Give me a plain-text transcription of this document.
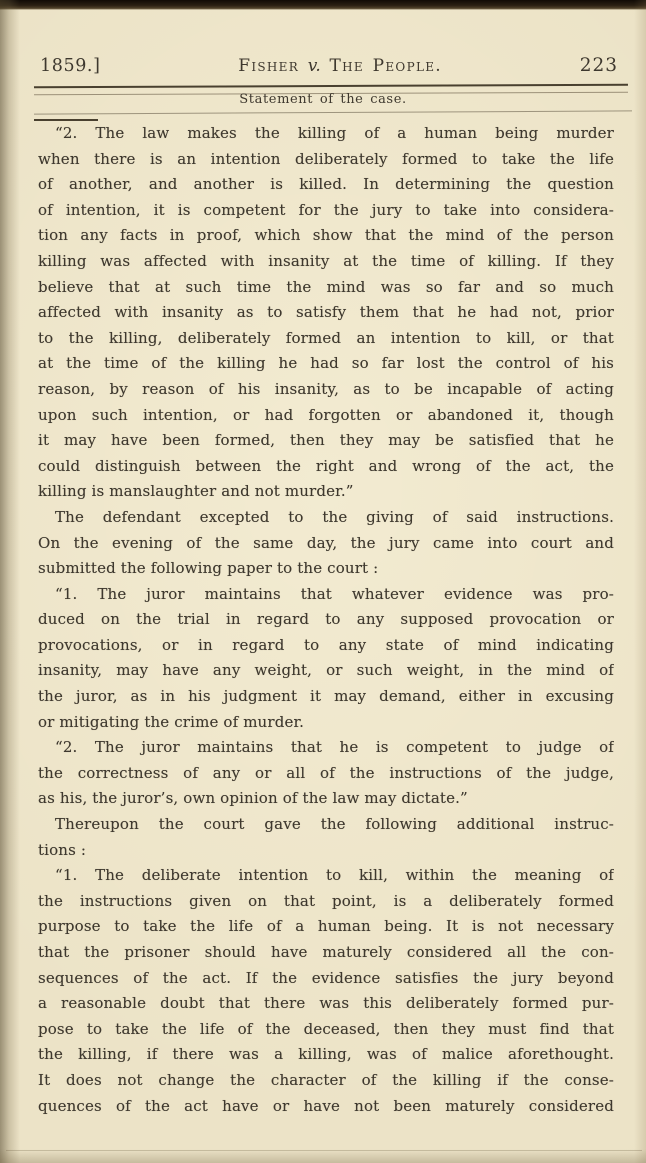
1859.]	Fisher v. The People.	223
Statement of the case.
“2. The law makes the killing of a human being murder
when there is an intention deliberately formed to take the life
of another, and another is killed. In determining the question
of intention, it is competent for the jury to take into considera-
tion any facts in proof, which show that the mind of the person
killing was affected with insanity at the time of killing. If they
believe that at such time the mind was so far and so much
affected with insanity as to satisfy them that he had not, prior
to the killing, deliberately formed an intention to kill, or that
at the time of the killing he had so far lost the control of his
reason, by reason of his insanity, as to be incapable of acting
upon such intention, or had forgotten or abandoned it, though
it may have been formed, then they may be satisfied that he
could distinguish between the right and wrong of the act, the
killing is manslaughter and not murder.”
The defendant excepted to the giving of said instructions.
On the evening of the same day, the jury came into court and
submitted the following paper to the court :
“1. The juror maintains that whatever evidence was pro-
duced on the trial in regard to any supposed provocation or
provocations, or in regard to any state of mind indicating
insanity, may have any weight, or such weight, in the mind of
the juror, as in his judgment it may demand, either in excusing
or mitigating the crime of murder.
“2. The juror maintains that he is competent to judge of
the correctness of any or all of the instructions of the judge,
as his, the juror’s, own opinion of the law may dictate.”
Thereupon the court gave the following additional instruc-
tions :
“1. The deliberate intention to kill, within the meaning of
the instructions given on that point, is a deliberately formed
purpose to take the life of a human being. It is not necessary
that the prisoner should have maturely considered all the con-
sequences of the act. If the evidence satisfies the jury beyond
a reasonable doubt that there was this deliberately formed pur-
pose to take the life of the deceased, then they must find that
the killing, if there was a killing, was of malice aforethought.
It does not change the character of the killing if the conse-
quences of the act have or have not been maturely considered
